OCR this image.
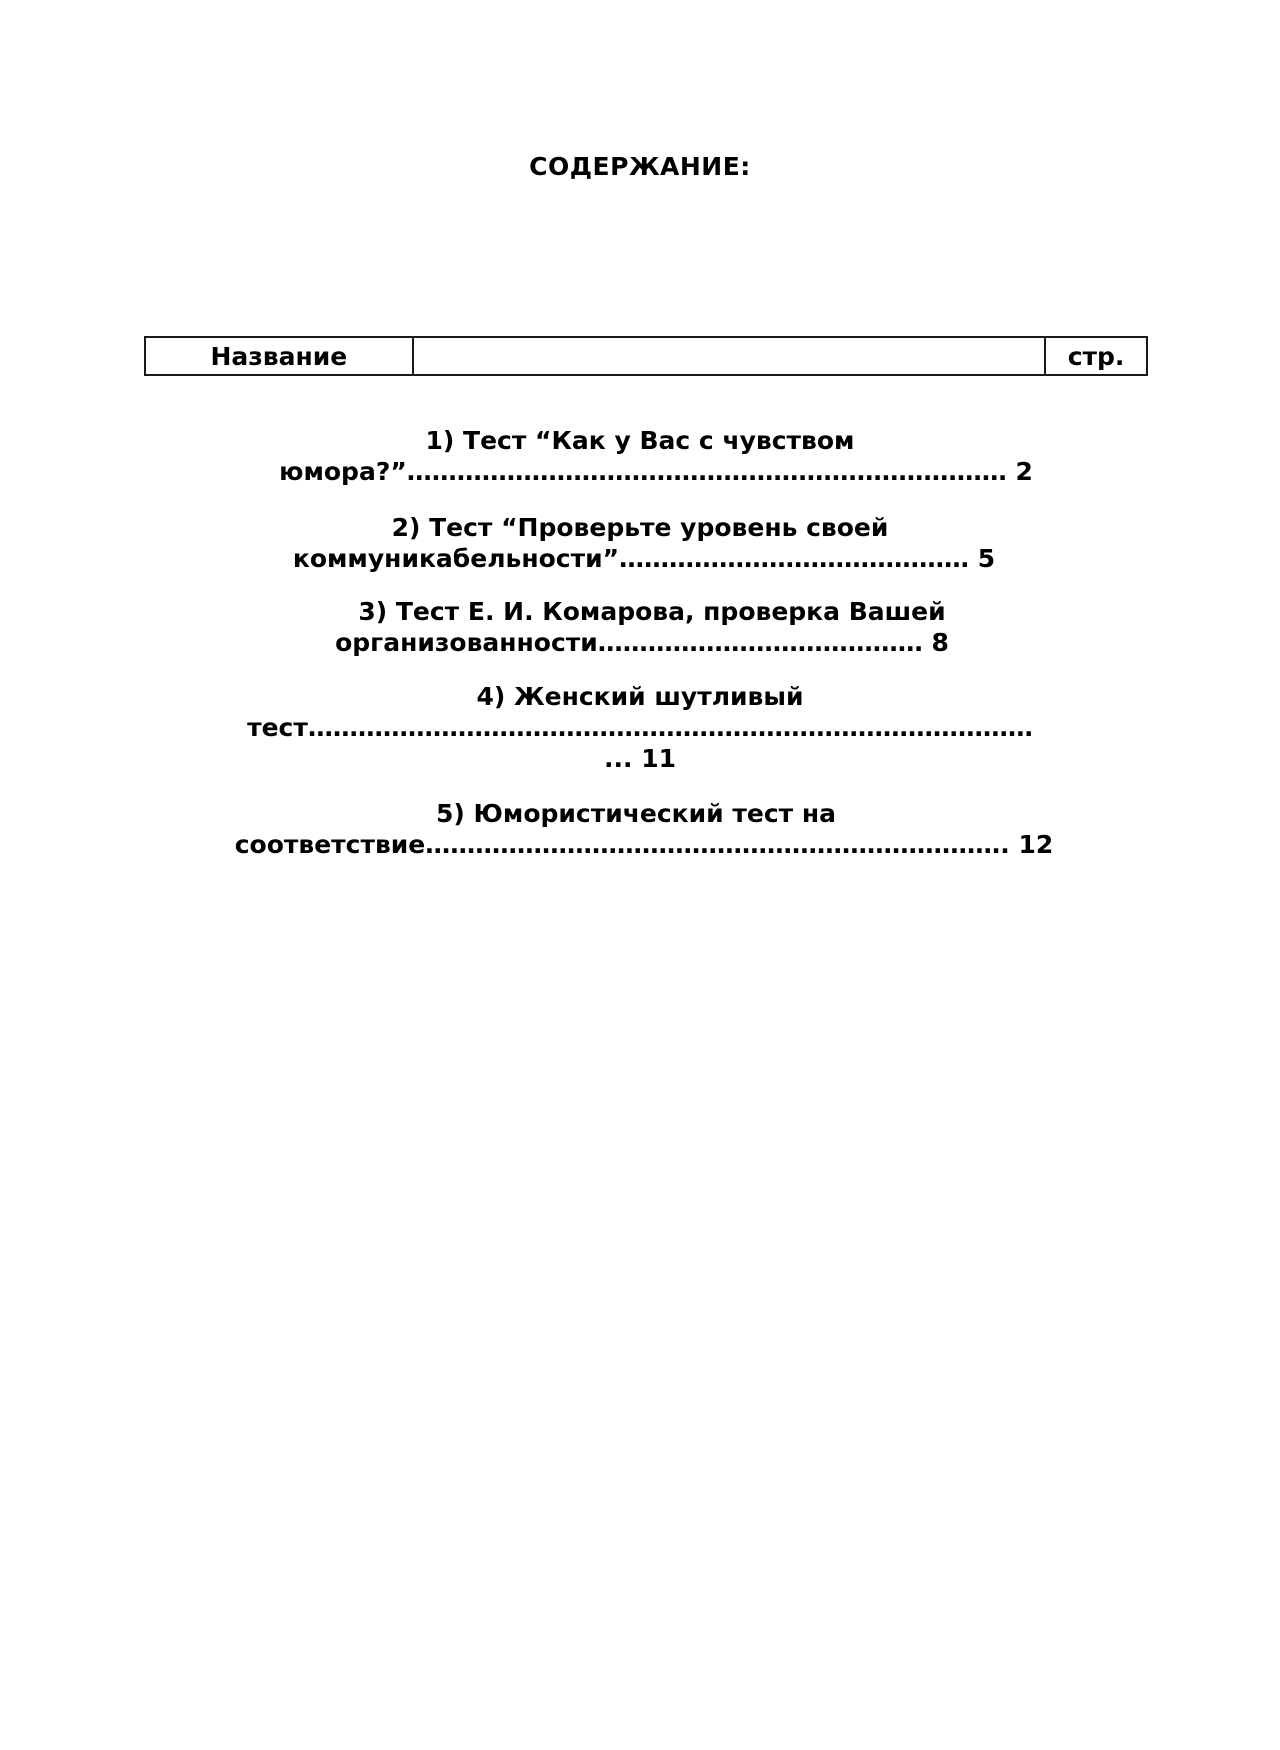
СОДЕРЖАНИЕ:
Название		стр.
1) Тест “Как у Вас с чувством
юмора?”……………………………………………………………… 2
2) Тест “Проверьте уровень своей
коммуникабельности”…………………………………… 5
3) Тест Е. И. Комарова, проверка Вашей
организованности………………………………… 8
4) Женский шутливый
тест……………………………………………………………………………
... 11
5) Юмористический тест на
соответствие……………………………………………………………. 12
